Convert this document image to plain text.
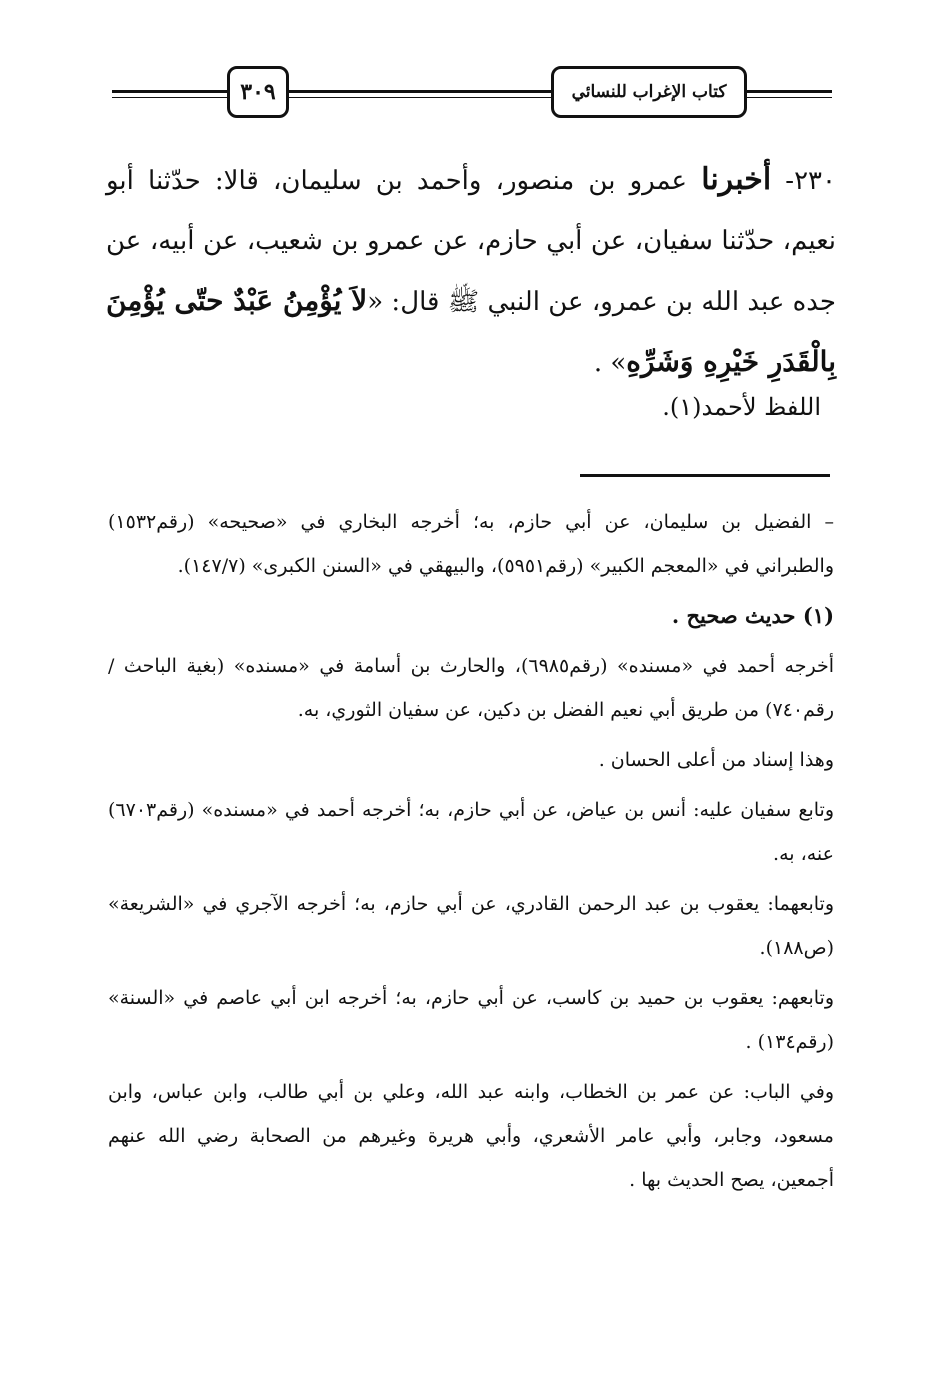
٣٠٩	كتاب الإغراب للنسائي

٢٣٠- أخبرنا عمرو بن منصور، وأحمد بن سليمان، قالا: حدّثنا أبو نعيم، حدّثنا سفيان، عن أبي حازم، عن عمرو بن شعيب، عن أبيه، عن جده عبد الله بن عمرو، عن النبي ﷺ قال: «لاَ يُؤْمِنُ عَبْدٌ حتّى يُؤْمِنَ بِالْقَدَرِ خَيْرِهِ وَشَرِّهِ» .

اللفظ لأحمد(١).

– الفضيل بن سليمان، عن أبي حازم، به؛ أخرجه البخاري في «صحيحه» (رقم١٥٣٢) والطبراني في «المعجم الكبير» (رقم٥٩٥١)، والبيهقي في «السنن الكبرى» (١٤٧/٧).

(١) حديث صحيح .

أخرجه أحمد في «مسنده» (رقم٦٩٨٥)، والحارث بن أسامة في «مسنده» (بغية الباحث /رقم٧٤٠) من طريق أبي نعيم الفضل بن دكين، عن سفيان الثوري، به.

وهذا إسناد من أعلى الحسان .

وتابع سفيان عليه: أنس بن عياض، عن أبي حازم، به؛ أخرجه أحمد في «مسنده» (رقم٦٧٠٣) عنه، به.

وتابعهما: يعقوب بن عبد الرحمن القادري، عن أبي حازم، به؛ أخرجه الآجري في «الشريعة» (ص١٨٨).

وتابعهم: يعقوب بن حميد بن كاسب، عن أبي حازم، به؛ أخرجه ابن أبي عاصم في «السنة» (رقم١٣٤) .

وفي الباب: عن عمر بن الخطاب، وابنه عبد الله، وعلي بن أبي طالب، وابن عباس، وابن مسعود، وجابر، وأبي عامر الأشعري، وأبي هريرة وغيرهم من الصحابة رضي الله عنهم أجمعين، يصح الحديث بها .
